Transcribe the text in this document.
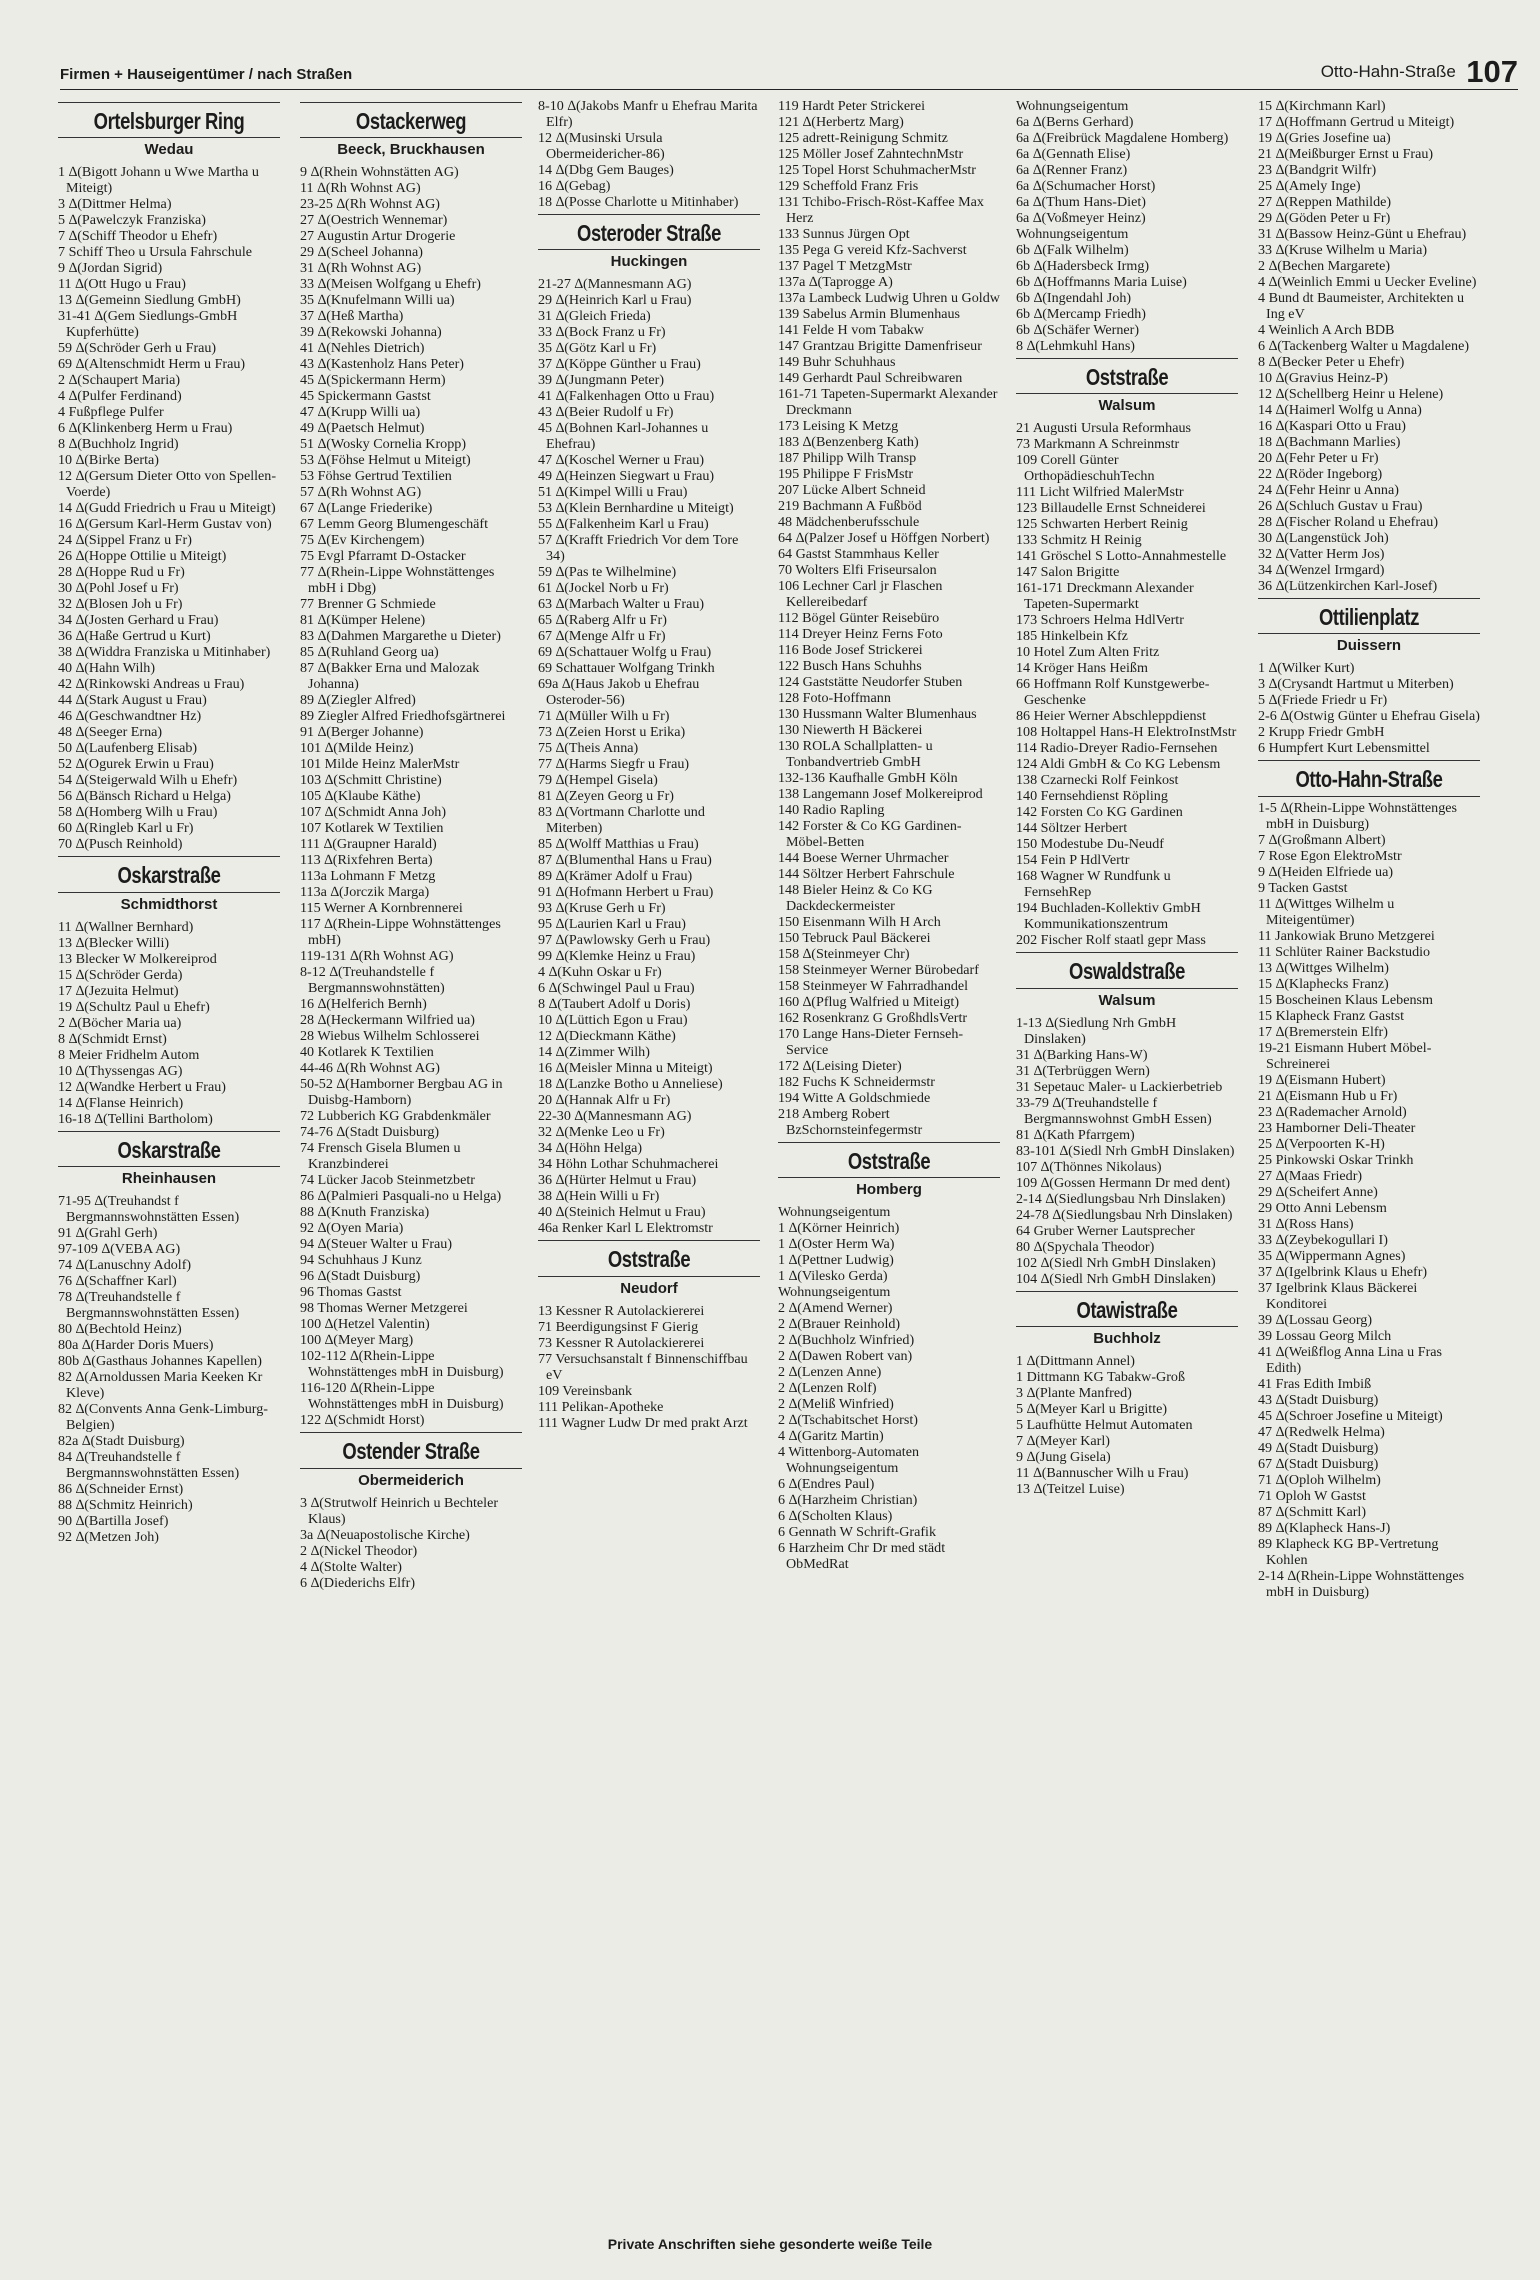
Firmen + Hauseigentümer / nach Straßen	Otto-Hahn-Straße 107
Ortelsburger Ring
Wedau
1 ∆(Bigott Johann u Wwe Martha u Miteigt)
3 ∆(Dittmer Helma)
5 ∆(Pawelczyk Franziska)
7 ∆(Schiff Theodor u Ehefr)
7 Schiff Theo u Ursula Fahrschule
9 ∆(Jordan Sigrid)
11 ∆(Ott Hugo u Frau)
13 ∆(Gemeinn Siedlung GmbH)
31-41 ∆(Gem Siedlungs-GmbH Kupferhütte)
59 ∆(Schröder Gerh u Frau)
69 ∆(Altenschmidt Herm u Frau)
2 ∆(Schaupert Maria)
4 ∆(Pulfer Ferdinand)
4 Fußpflege Pulfer
6 ∆(Klinkenberg Herm u Frau)
8 ∆(Buchholz Ingrid)
10 ∆(Birke Berta)
12 ∆(Gersum Dieter Otto von Spellen-Voerde)
14 ∆(Gudd Friedrich u Frau u Miteigt)
16 ∆(Gersum Karl-Herm Gustav von)
24 ∆(Sippel Franz u Fr)
26 ∆(Hoppe Ottilie u Miteigt)
28 ∆(Hoppe Rud u Fr)
30 ∆(Pohl Josef u Fr)
32 ∆(Blosen Joh u Fr)
34 ∆(Josten Gerhard u Frau)
36 ∆(Haße Gertrud u Kurt)
38 ∆(Widdra Franziska u Mitinhaber)
40 ∆(Hahn Wilh)
42 ∆(Rinkowski Andreas u Frau)
44 ∆(Stark August u Frau)
46 ∆(Geschwandtner Hz)
48 ∆(Seeger Erna)
50 ∆(Laufenberg Elisab)
52 ∆(Ogurek Erwin u Frau)
54 ∆(Steigerwald Wilh u Ehefr)
56 ∆(Bänsch Richard u Helga)
58 ∆(Homberg Wilh u Frau)
60 ∆(Ringleb Karl u Fr)
70 ∆(Pusch Reinhold)
Oskarstraße
Schmidthorst
11 ∆(Wallner Bernhard)
13 ∆(Blecker Willi)
13 Blecker W Molkereiprod
15 ∆(Schröder Gerda)
17 ∆(Jezuita Helmut)
19 ∆(Schultz Paul u Ehefr)
2 ∆(Böcher Maria ua)
8 ∆(Schmidt Ernst)
8 Meier Fridhelm Autom
10 ∆(Thyssengas AG)
12 ∆(Wandke Herbert u Frau)
14 ∆(Flanse Heinrich)
16-18 ∆(Tellini Bartholom)
Oskarstraße
Rheinhausen
71-95 ∆(Treuhandst f Bergmannswohnstätten Essen)
91 ∆(Grahl Gerh)
97-109 ∆(VEBA AG)
74 ∆(Lanuschny Adolf)
76 ∆(Schaffner Karl)
78 ∆(Treuhandstelle f Bergmannswohnstätten Essen)
80 ∆(Bechtold Heinz)
80a ∆(Harder Doris Muers)
80b ∆(Gasthaus Johannes Kapellen)
82 ∆(Arnoldussen Maria Keeken Kr Kleve)
82 ∆(Convents Anna Genk-Limburg-Belgien)
82a ∆(Stadt Duisburg)
84 ∆(Treuhandstelle f Bergmannswohnstätten Essen)
86 ∆(Schneider Ernst)
88 ∆(Schmitz Heinrich)
90 ∆(Bartilla Josef)
92 ∆(Metzen Joh)
Ostackerweg
Beeck, Bruckhausen
9 ∆(Rhein Wohnstätten AG)
11 ∆(Rh Wohnst AG)
23-25 ∆(Rh Wohnst AG)
27 ∆(Oestrich Wennemar)
27 Augustin Artur Drogerie
29 ∆(Scheel Johanna)
31 ∆(Rh Wohnst AG)
33 ∆(Meisen Wolfgang u Ehefr)
35 ∆(Knufelmann Willi ua)
37 ∆(Heß Martha)
39 ∆(Rekowski Johanna)
41 ∆(Nehles Dietrich)
43 ∆(Kastenholz Hans Peter)
45 ∆(Spickermann Herm)
45 Spickermann Gastst
47 ∆(Krupp Willi ua)
49 ∆(Paetsch Helmut)
51 ∆(Wosky Cornelia Kropp)
53 ∆(Föhse Helmut u Miteigt)
53 Föhse Gertrud Textilien
57 ∆(Rh Wohnst AG)
67 ∆(Lange Friederike)
67 Lemm Georg Blumengeschäft
75 ∆(Ev Kirchengem)
75 Evgl Pfarramt D-Ostacker
77 ∆(Rhein-Lippe Wohnstättenges mbH i Dbg)
77 Brenner G Schmiede
81 ∆(Kümper Helene)
83 ∆(Dahmen Margarethe u Dieter)
85 ∆(Ruhland Georg ua)
87 ∆(Bakker Erna und Malozak Johanna)
89 ∆(Ziegler Alfred)
89 Ziegler Alfred Friedhofsgärtnerei
91 ∆(Berger Johanne)
101 ∆(Milde Heinz)
101 Milde Heinz MalerMstr
103 ∆(Schmitt Christine)
105 ∆(Klaube Käthe)
107 ∆(Schmidt Anna Joh)
107 Kotlarek W Textilien
111 ∆(Graupner Harald)
113 ∆(Rixfehren Berta)
113a Lohmann F Metzg
113a ∆(Jorczik Marga)
115 Werner A Kornbrennerei
117 ∆(Rhein-Lippe Wohnstättenges mbH)
119-131 ∆(Rh Wohnst AG)
8-12 ∆(Treuhandstelle f Bergmannswohnstätten)
16 ∆(Helferich Bernh)
28 ∆(Heckermann Wilfried ua)
28 Wiebus Wilhelm Schlosserei
40 Kotlarek K Textilien
44-46 ∆(Rh Wohnst AG)
50-52 ∆(Hamborner Bergbau AG in Duisbg-Hamborn)
72 Lubberich KG Grabdenkmäler
74-76 ∆(Stadt Duisburg)
74 Frensch Gisela Blumen u Kranzbinderei
74 Lücker Jacob Steinmetzbetr
86 ∆(Palmieri Pasquali-no u Helga)
88 ∆(Knuth Franziska)
92 ∆(Oyen Maria)
94 ∆(Steuer Walter u Frau)
94 Schuhhaus J Kunz
96 ∆(Stadt Duisburg)
96 Thomas Gastst
98 Thomas Werner Metzgerei
100 ∆(Hetzel Valentin)
100 ∆(Meyer Marg)
102-112 ∆(Rhein-Lippe Wohnstättenges mbH in Duisburg)
116-120 ∆(Rhein-Lippe Wohnstättenges mbH in Duisburg)
122 ∆(Schmidt Horst)
Ostender Straße
Obermeiderich
3 ∆(Strutwolf Heinrich u Bechteler Klaus)
3a ∆(Neuapostolische Kirche)
2 ∆(Nickel Theodor)
4 ∆(Stolte Walter)
6 ∆(Diederichs Elfr)
8-10 ∆(Jakobs Manfr u Ehefrau Marita Elfr)
12 ∆(Musinski Ursula Obermeidericher-86)
14 ∆(Dbg Gem Bauges)
16 ∆(Gebag)
18 ∆(Posse Charlotte u Mitinhaber)
Osteroder Straße
Huckingen
21-27 ∆(Mannesmann AG)
29 ∆(Heinrich Karl u Frau)
31 ∆(Gleich Frieda)
33 ∆(Bock Franz u Fr)
35 ∆(Götz Karl u Fr)
37 ∆(Köppe Günther u Frau)
39 ∆(Jungmann Peter)
41 ∆(Falkenhagen Otto u Frau)
43 ∆(Beier Rudolf u Fr)
45 ∆(Bohnen Karl-Johannes u Ehefrau)
47 ∆(Koschel Werner u Frau)
49 ∆(Heinzen Siegwart u Frau)
51 ∆(Kimpel Willi u Frau)
53 ∆(Klein Bernhardine u Miteigt)
55 ∆(Falkenheim Karl u Frau)
57 ∆(Krafft Friedrich Vor dem Tore 34)
59 ∆(Pas te Wilhelmine)
61 ∆(Jockel Norb u Fr)
63 ∆(Marbach Walter u Frau)
65 ∆(Raberg Alfr u Fr)
67 ∆(Menge Alfr u Fr)
69 ∆(Schattauer Wolfg u Frau)
69 Schattauer Wolfgang Trinkh
69a ∆(Haus Jakob u Ehefrau Osteroder-56)
71 ∆(Müller Wilh u Fr)
73 ∆(Zeien Horst u Erika)
75 ∆(Theis Anna)
77 ∆(Harms Siegfr u Frau)
79 ∆(Hempel Gisela)
81 ∆(Zeyen Georg u Fr)
83 ∆(Vortmann Charlotte und Miterben)
85 ∆(Wolff Matthias u Frau)
87 ∆(Blumenthal Hans u Frau)
89 ∆(Krämer Adolf u Frau)
91 ∆(Hofmann Herbert u Frau)
93 ∆(Kruse Gerh u Fr)
95 ∆(Laurien Karl u Frau)
97 ∆(Pawlowsky Gerh u Frau)
99 ∆(Klemke Heinz u Frau)
4 ∆(Kuhn Oskar u Fr)
6 ∆(Schwingel Paul u Frau)
8 ∆(Taubert Adolf u Doris)
10 ∆(Lüttich Egon u Frau)
12 ∆(Dieckmann Käthe)
14 ∆(Zimmer Wilh)
16 ∆(Meisler Minna u Miteigt)
18 ∆(Lanzke Botho u Anneliese)
20 ∆(Hannak Alfr u Fr)
22-30 ∆(Mannesmann AG)
32 ∆(Menke Leo u Fr)
34 ∆(Höhn Helga)
34 Höhn Lothar Schuhmacherei
36 ∆(Hürter Helmut u Frau)
38 ∆(Hein Willi u Fr)
40 ∆(Steinich Helmut u Frau)
46a Renker Karl L Elektromstr
Oststraße
Neudorf
13 Kessner R Autolackiererei
71 Beerdigungsinst F Gierig
73 Kessner R Autolackiererei
77 Versuchsanstalt f Binnenschiffbau eV
109 Vereinsbank
111 Pelikan-Apotheke
111 Wagner Ludw Dr med prakt Arzt
119 Hardt Peter Strickerei
121 ∆(Herbertz Marg)
125 adrett-Reinigung Schmitz
125 Möller Josef ZahntechnMstr
125 Topel Horst SchuhmacherMstr
129 Scheffold Franz Fris
131 Tchibo-Frisch-Röst-Kaffee Max Herz
133 Sunnus Jürgen Opt
135 Pega G vereid Kfz-Sachverst
137 Pagel T MetzgMstr
137a ∆(Taprogge A)
137a Lambeck Ludwig Uhren u Goldw
139 Sabelus Armin Blumenhaus
141 Felde H vom Tabakw
147 Grantzau Brigitte Damenfriseur
149 Buhr Schuhhaus
149 Gerhardt Paul Schreibwaren
161-71 Tapeten-Supermarkt Alexander Dreckmann
173 Leising K Metzg
183 ∆(Benzenberg Kath)
187 Philipp Wilh Transp
195 Philippe F FrisMstr
207 Lücke Albert Schneid
219 Bachmann A Fußböd
48 Mädchenberufsschule
64 ∆(Palzer Josef u Höffgen Norbert)
64 Gastst Stammhaus Keller
70 Wolters Elfi Friseursalon
106 Lechner Carl jr Flaschen Kellereibedarf
112 Bögel Günter Reisebüro
114 Dreyer Heinz Ferns Foto
116 Bode Josef Strickerei
122 Busch Hans Schuhhs
124 Gaststätte Neudorfer Stuben
128 Foto-Hoffmann
130 Hussmann Walter Blumenhaus
130 Niewerth H Bäckerei
130 ROLA Schallplatten- u Tonbandvertrieb GmbH
132-136 Kaufhalle GmbH Köln
138 Langemann Josef Molkereiprod
140 Radio Rapling
142 Forster & Co KG Gardinen-Möbel-Betten
144 Boese Werner Uhrmacher
144 Söltzer Herbert Fahrschule
148 Bieler Heinz & Co KG Dackdeckermeister
150 Eisenmann Wilh H Arch
150 Tebruck Paul Bäckerei
158 ∆(Steinmeyer Chr)
158 Steinmeyer Werner Bürobedarf
158 Steinmeyer W Fahrradhandel
160 ∆(Pflug Walfried u Miteigt)
162 Rosenkranz G GroßhdlsVertr
170 Lange Hans-Dieter Fernseh-Service
172 ∆(Leising Dieter)
182 Fuchs K Schneidermstr
194 Witte A Goldschmiede
218 Amberg Robert BzSchornsteinfegermstr
Oststraße
Homberg
Wohnungseigentum
1 ∆(Körner Heinrich)
1 ∆(Oster Herm Wa)
1 ∆(Pettner Ludwig)
1 ∆(Vilesko Gerda)
Wohnungseigentum
2 ∆(Amend Werner)
2 ∆(Brauer Reinhold)
2 ∆(Buchholz Winfried)
2 ∆(Dawen Robert van)
2 ∆(Lenzen Anne)
2 ∆(Lenzen Rolf)
2 ∆(Meliß Winfried)
2 ∆(Tschabitschet Horst)
4 ∆(Garitz Martin)
4 Wittenborg-Automaten Wohnungseigentum
6 ∆(Endres Paul)
6 ∆(Harzheim Christian)
6 ∆(Scholten Klaus)
6 Gennath W Schrift-Grafik
6 Harzheim Chr Dr med städt ObMedRat
Wohnungseigentum
6a ∆(Berns Gerhard)
6a ∆(Freibrück Magdalene Homberg)
6a ∆(Gennath Elise)
6a ∆(Renner Franz)
6a ∆(Schumacher Horst)
6a ∆(Thum Hans-Diet)
6a ∆(Voßmeyer Heinz)
Wohnungseigentum
6b ∆(Falk Wilhelm)
6b ∆(Hadersbeck Irmg)
6b ∆(Hoffmanns Maria Luise)
6b ∆(Ingendahl Joh)
6b ∆(Mercamp Friedh)
6b ∆(Schäfer Werner)
8 ∆(Lehmkuhl Hans)
Oststraße
Walsum
21 Augusti Ursula Reformhaus
73 Markmann A Schreinmstr
109 Corell Günter OrthopädieschuhTechn
111 Licht Wilfried MalerMstr
123 Billaudelle Ernst Schneiderei
125 Schwarten Herbert Reinig
133 Schmitz H Reinig
141 Gröschel S Lotto-Annahmestelle
147 Salon Brigitte
161-171 Dreckmann Alexander Tapeten-Supermarkt
173 Schroers Helma HdlVertr
185 Hinkelbein Kfz
10 Hotel Zum Alten Fritz
14 Kröger Hans Heißm
66 Hoffmann Rolf Kunstgewerbe-Geschenke
86 Heier Werner Abschleppdienst
108 Holtappel Hans-H ElektroInstMstr
114 Radio-Dreyer Radio-Fernsehen
124 Aldi GmbH & Co KG Lebensm
138 Czarnecki Rolf Feinkost
140 Fernsehdienst Röpling
142 Forsten Co KG Gardinen
144 Söltzer Herbert
150 Modestube Du-Neudf
154 Fein P HdlVertr
168 Wagner W Rundfunk u FernsehRep
194 Buchladen-Kollektiv GmbH Kommunikationszentrum
202 Fischer Rolf staatl gepr Mass
Oswaldstraße
Walsum
1-13 ∆(Siedlung Nrh GmbH Dinslaken)
31 ∆(Barking Hans-W)
31 ∆(Terbrüggen Wern)
31 Sepetauc Maler- u Lackierbetrieb
33-79 ∆(Treuhandstelle f Bergmannswohnst GmbH Essen)
81 ∆(Kath Pfarrgem)
83-101 ∆(Siedl Nrh GmbH Dinslaken)
107 ∆(Thönnes Nikolaus)
109 ∆(Gossen Hermann Dr med dent)
2-14 ∆(Siedlungsbau Nrh Dinslaken)
24-78 ∆(Siedlungsbau Nrh Dinslaken)
64 Gruber Werner Lautsprecher
80 ∆(Spychala Theodor)
102 ∆(Siedl Nrh GmbH Dinslaken)
104 ∆(Siedl Nrh GmbH Dinslaken)
Otawistraße
Buchholz
1 ∆(Dittmann Annel)
1 Dittmann KG Tabakw-Groß
3 ∆(Plante Manfred)
5 ∆(Meyer Karl u Brigitte)
5 Laufhütte Helmut Automaten
7 ∆(Meyer Karl)
9 ∆(Jung Gisela)
11 ∆(Bannuscher Wilh u Frau)
13 ∆(Teitzel Luise)
15 ∆(Kirchmann Karl)
17 ∆(Hoffmann Gertrud u Miteigt)
19 ∆(Gries Josefine ua)
21 ∆(Meißburger Ernst u Frau)
23 ∆(Bandgrit Wilfr)
25 ∆(Amely Inge)
27 ∆(Reppen Mathilde)
29 ∆(Göden Peter u Fr)
31 ∆(Bassow Heinz-Günt u Ehefrau)
33 ∆(Kruse Wilhelm u Maria)
2 ∆(Bechen Margarete)
4 ∆(Weinlich Emmi u Uecker Eveline)
4 Bund dt Baumeister, Architekten u Ing eV
4 Weinlich A Arch BDB
6 ∆(Tackenberg Walter u Magdalene)
8 ∆(Becker Peter u Ehefr)
10 ∆(Gravius Heinz-P)
12 ∆(Schellberg Heinr u Helene)
14 ∆(Haimerl Wolfg u Anna)
16 ∆(Kaspari Otto u Frau)
18 ∆(Bachmann Marlies)
20 ∆(Fehr Peter u Fr)
22 ∆(Röder Ingeborg)
24 ∆(Fehr Heinr u Anna)
26 ∆(Schluch Gustav u Frau)
28 ∆(Fischer Roland u Ehefrau)
30 ∆(Langenstück Joh)
32 ∆(Vatter Herm Jos)
34 ∆(Wenzel Irmgard)
36 ∆(Lützenkirchen Karl-Josef)
Ottilienplatz
Duissern
1 ∆(Wilker Kurt)
3 ∆(Crysandt Hartmut u Miterben)
5 ∆(Friede Friedr u Fr)
2-6 ∆(Ostwig Günter u Ehefrau Gisela)
2 Krupp Friedr GmbH
6 Humpfert Kurt Lebensmittel
Otto-Hahn-Straße
1-5 ∆(Rhein-Lippe Wohnstättenges mbH in Duisburg)
7 ∆(Großmann Albert)
7 Rose Egon ElektroMstr
9 ∆(Heiden Elfriede ua)
9 Tacken Gastst
11 ∆(Wittges Wilhelm u Miteigentümer)
11 Jankowiak Bruno Metzgerei
11 Schlüter Rainer Backstudio
13 ∆(Wittges Wilhelm)
15 ∆(Klaphecks Franz)
15 Boscheinen Klaus Lebensm
15 Klapheck Franz Gastst
17 ∆(Bremerstein Elfr)
19-21 Eismann Hubert Möbel-Schreinerei
19 ∆(Eismann Hubert)
21 ∆(Eismann Hub u Fr)
23 ∆(Rademacher Arnold)
23 Hamborner Deli-Theater
25 ∆(Verpoorten K-H)
25 Pinkowski Oskar Trinkh
27 ∆(Maas Friedr)
29 ∆(Scheifert Anne)
29 Otto Anni Lebensm
31 ∆(Ross Hans)
33 ∆(Zeybekogullari I)
35 ∆(Wippermann Agnes)
37 ∆(Igelbrink Klaus u Ehefr)
37 Igelbrink Klaus Bäckerei Konditorei
39 ∆(Lossau Georg)
39 Lossau Georg Milch
41 ∆(Weißflog Anna Lina u Fras Edith)
41 Fras Edith Imbiß
43 ∆(Stadt Duisburg)
45 ∆(Schroer Josefine u Miteigt)
47 ∆(Redwelk Helma)
49 ∆(Stadt Duisburg)
67 ∆(Stadt Duisburg)
71 ∆(Oploh Wilhelm)
71 Oploh W Gastst
87 ∆(Schmitt Karl)
89 ∆(Klapheck Hans-J)
89 Klapheck KG BP-Vertretung Kohlen
2-14 ∆(Rhein-Lippe Wohnstättenges mbH in Duisburg)
Private Anschriften siehe gesonderte weiße Teile
